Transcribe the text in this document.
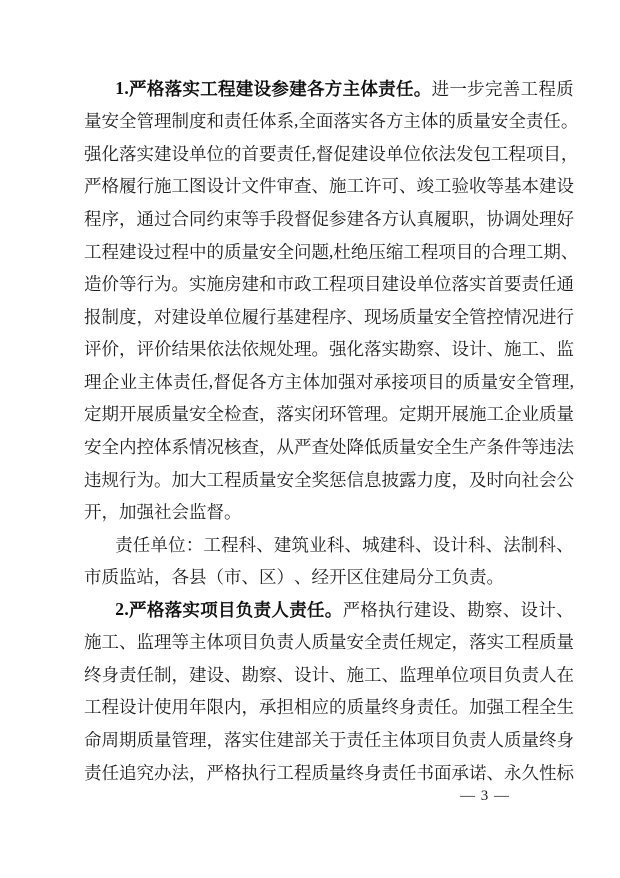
1 . 严 格 落 实 工 程 建 设 参 建 各 方 主 体 责 任 。 进 一 步 完 善 工 程 质
量 安 全 管 理 制 度 和 责 任 体 系 , 全 面 落 实 各 方 主 体 的 质 量 安 全 责 任 。
强 化 落 实 建 设 单 位 的 首 要 责 任 , 督 促 建 设 单 位 依 法 发 包 工 程 项 目 ，
严 格 履 行 施 工 图 设 计 文 件 审 查 、 施 工 许 可 、 竣 工 验 收 等 基 本 建 设
程 序 ， 通 过 合 同 约 束 等 手 段 督 促 参 建 各 方 认 真 履 职 ， 协 调 处 理 好
工 程 建 设 过 程 中 的 质 量 安 全 问 题 , 杜 绝 压 缩 工 程 项 目 的 合 理 工 期 、
造 价 等 行 为 。 实 施 房 建 和 市 政 工 程 项 目 建 设 单 位 落 实 首 要 责 任 通
报 制 度 ， 对 建 设 单 位 履 行 基 建 程 序 、 现 场 质 量 安 全 管 控 情 况 进 行
评 价 ， 评 价 结 果 依 法 依 规 处 理 。 强 化 落 实 勘 察 、 设 计 、 施 工 、 监
理 企 业 主 体 责 任 , 督 促 各 方 主 体 加 强 对 承 接 项 目 的 质 量 安 全 管 理 ,
定 期 开 展 质 量 安 全 检 查 ， 落 实 闭 环 管 理 。 定 期 开 展 施 工 企 业 质 量
安 全 内 控 体 系 情 况 核 查 ， 从 严 查 处 降 低 质 量 安 全 生 产 条 件 等 违 法
违 规 行 为 。 加 大 工 程 质 量 安 全 奖 惩 信 息 披 露 力 度 ， 及 时 向 社 会 公
开 ， 加 强 社 会 监 督 。
责 任 单 位 ： 工 程 科 、 建 筑 业 科 、 城 建 科 、 设 计 科 、 法 制 科 、
市 质 监 站 ， 各 县 （ 市 、 区 ） 、 经 开 区 住 建 局 分 工 负 责 。
2 . 严 格 落 实 项 目 负 责 人 责 任 。 严 格 执 行 建 设 、 勘 察 、 设 计 、
施 工 、 监 理 等 主 体 项 目 负 责 人 质 量 安 全 责 任 规 定 ， 落 实 工 程 质 量
终 身 责 任 制 ， 建 设 、 勘 察 、 设 计 、 施 工 、 监 理 单 位 项 目 负 责 人 在
工 程 设 计 使 用 年 限 内 ， 承 担 相 应 的 质 量 终 身 责 任 。 加 强 工 程 全 生
命 周 期 质 量 管 理 ， 落 实 住 建 部 关 于 责 任 主 体 项 目 负 责 人 质 量 终 身
责 任 追 究 办 法 ， 严 格 执 行 工 程 质 量 终 身 责 任 书 面 承 诺 、 永 久 性 标
— 3 —
